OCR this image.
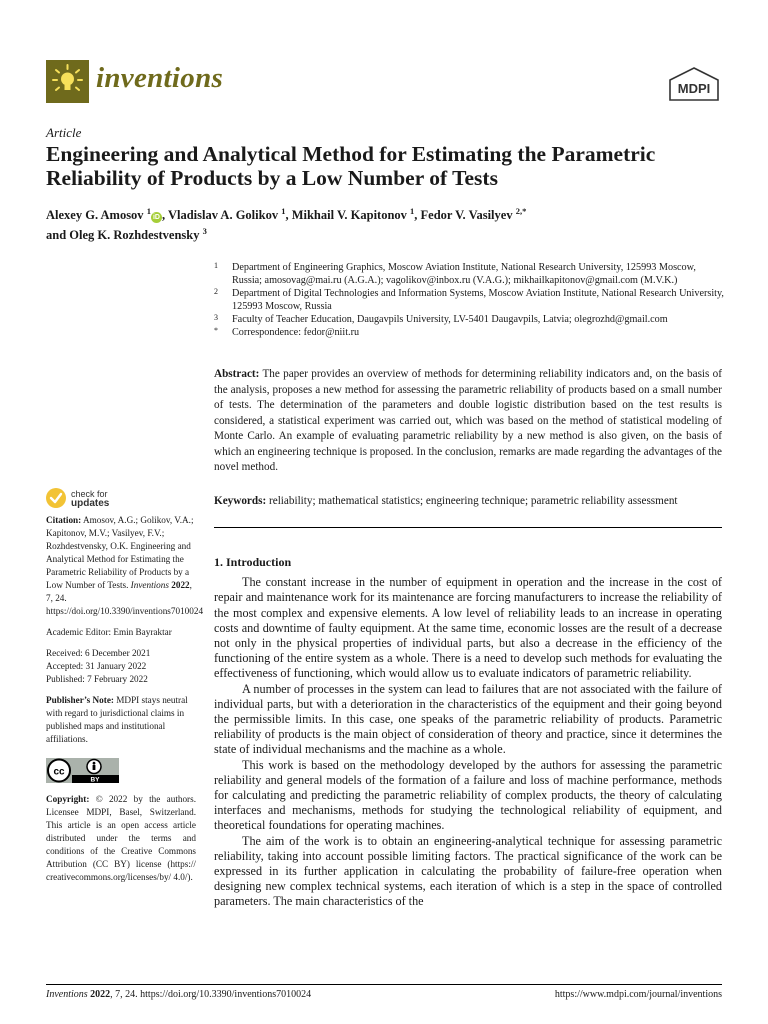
inventions	MDPI
Article
Engineering and Analytical Method for Estimating the Parametric Reliability of Products by a Low Number of Tests
Alexey G. Amosov $^1$iD , Vladislav A. Golikov $^1$, Mikhail V. Kapitonov $^1$, Fedor V. Vasilyev $^{2,*}$
and Oleg K. Rozhdestvensky $^3$
1 Department of Engineering Graphics, Moscow Aviation Institute, National Research University, 125993 Moscow, Russia; amosovag@mai.ru (A.G.A.); vagolikov@inbox.ru (V.A.G.); mikhailkapitonov@gmail.com (M.V.K.)
2 Department of Digital Technologies and Information Systems, Moscow Aviation Institute, National Research University, 125993 Moscow, Russia
3 Faculty of Teacher Education, Daugavpils University, LV-5401 Daugavpils, Latvia; olegrozhd@gmail.com
* Correspondence: fedor@niit.ru
Abstract: The paper provides an overview of methods for determining reliability indicators and, on the basis of the analysis, proposes a new method for assessing the parametric reliability of products based on a small number of tests. The determination of the parameters and double logistic distribution based on the test results is considered, a statistical experiment was carried out, which was based on the method of statistical modeling of Monte Carlo. An example of evaluating parametric reliability by a new method is also given, on the basis of which an engineering technique is proposed. In the conclusion, remarks are made regarding the advantages of the novel method.
Keywords: reliability; mathematical statistics; engineering technique; parametric reliability assessment
check for
updates
Citation: Amosov, A.G.; Golikov, V.A.; Kapitonov, M.V.; Vasilyev, F.V.; Rozhdestvensky, O.K. Engineering and Analytical Method for Estimating the Parametric Reliability of Products by a Low Number of Tests. Inventions 2022, 7, 24. https://doi.org/10.3390/inventions7010024
Academic Editor: Emin Bayraktar
Received: 6 December 2021
Accepted: 31 January 2022
Published: 7 February 2022
Publisher’s Note: MDPI stays neutral with regard to jurisdictional claims in published maps and institutional affiliations.
cc
BY
Copyright: © 2022 by the authors. Licensee MDPI, Basel, Switzerland. This article is an open access article distributed under the terms and conditions of the Creative Commons Attribution (CC BY) license (https:// creativecommons.org/licenses/by/ 4.0/).
1. Introduction

The constant increase in the number of equipment in operation and the increase in the cost of repair and maintenance work for its maintenance are forcing manufacturers to increase the reliability of the most complex and expensive elements. A low level of reliability leads to an increase in operating costs and downtime of faulty equipment. At the same time, economic losses are the result of a decrease not only in the physical properties of individual parts, but also a decrease in the efficiency of the functioning of the entire system as a whole. There is a need to develop such methods for evaluating the effectiveness of functioning, which would allow us to evaluate indicators of parametric reliability.

A number of processes in the system can lead to failures that are not associated with the failure of individual parts, but with a deterioration in the characteristics of the equipment and their going beyond the permissible limits. In this case, one speaks of the parametric reliability of products. Parametric reliability of products is the main object of consideration of theory and practice, since it determines the state of individual mechanisms and the machine as a whole.

This work is based on the methodology developed by the authors for assessing the parametric reliability and general models of the formation of a failure and loss of machine performance, methods for calculating and predicting the parametric reliability of complex products, the theory of calculating interfaces and mechanisms, methods for studying the technological reliability of equipment, and theoretical foundations for operating machines.

The aim of the work is to obtain an engineering-analytical technique for assessing parametric reliability, taking into account possible limiting factors. The practical significance of the work can be expressed in its further application in calculating the probability of failure-free operation when designing new complex technical systems, each iteration of which is a step in the space of controlled parameters. The main characteristics of the

Inventions 2022, 7, 24. https://doi.org/10.3390/inventions7010024	https://www.mdpi.com/journal/inventions
